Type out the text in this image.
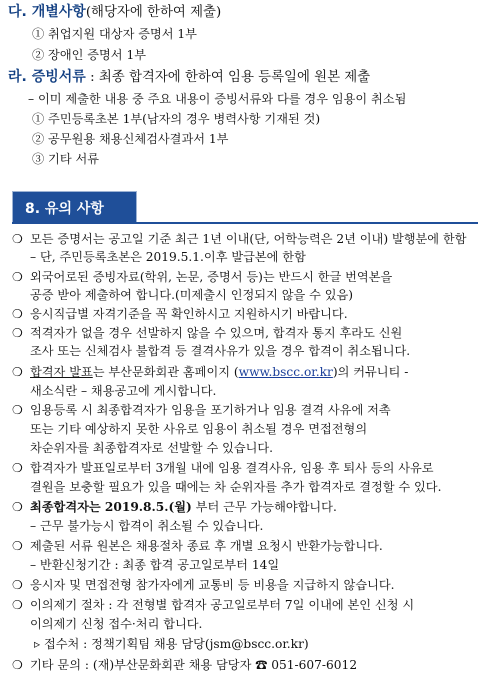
다. 개별사항(해당자에 한하여 제출)
① 취업지원 대상자 증명서 1부
② 장애인 증명서 1부
라. 증빙서류 : 최종 합격자에 한하여 임용 등록일에 원본 제출
– 이미 제출한 내용 중 주요 내용이 증빙서류와 다를 경우 임용이 취소됨
① 주민등록초본 1부(남자의 경우 병력사항 기재된 것)
② 공무원용 채용신체검사결과서 1부
③ 기타 서류
8. 유의 사항
❍ 모든 증명서는 공고일 기준 최근 1년 이내(단, 어학능력은 2년 이내) 발행분에 한함
– 단, 주민등록초본은 2019.5.1.이후 발급본에 한함
❍ 외국어로된 증빙자료(학위, 논문, 증명서 등)는 반드시 한글 번역본을
공증 받아 제출하여 합니다.(미제출시 인정되지 않을 수 있음)
❍ 응시직급별 자격기준을 꼭 확인하시고 지원하시기 바랍니다.
❍ 적격자가 없을 경우 선발하지 않을 수 있으며, 합격자 통지 후라도 신원
조사 또는 신체검사 불합격 등 결격사유가 있을 경우 합격이 취소됩니다.
❍ 합격자 발표는 부산문화회관 홈페이지 (www.bscc.or.kr)의 커뮤니티 -
새소식란 – 채용공고에 게시합니다.
❍ 임용등록 시 최종합격자가 임용을 포기하거나 임용 결격 사유에 저촉
또는 기타 예상하지 못한 사유로 임용이 취소될 경우 면접전형의
차순위자를 최종합격자로 선발할 수 있습니다.
❍ 합격자가 발표일로부터 3개월 내에 임용 결격사유, 임용 후 퇴사 등의 사유로
결원을 보충할 필요가 있을 때에는 차 순위자를 추가 합격자로 결정할 수 있다.
❍ 최종합격자는 2019.8.5.(월) 부터 근무 가능해야합니다.
– 근무 불가능시 합격이 취소될 수 있습니다.
❍ 제출된 서류 원본은 채용절차 종료 후 개별 요청시 반환가능합니다.
– 반환신청기간 : 최종 합격 공고일로부터 14일
❍ 응시자 및 면접전형 참가자에게 교통비 등 비용을 지급하지 않습니다.
❍ 이의제기 절차 : 각 전형별 합격자 공고일로부터 7일 이내에 본인 신청 시
이의제기 신청 접수·처리 합니다.
▹ 접수처 : 정책기획팀 채용 담당(jsm@bscc.or.kr)
❍ 기타 문의 : (재)부산문화회관 채용 담당자 ☎ 051-607-6012
